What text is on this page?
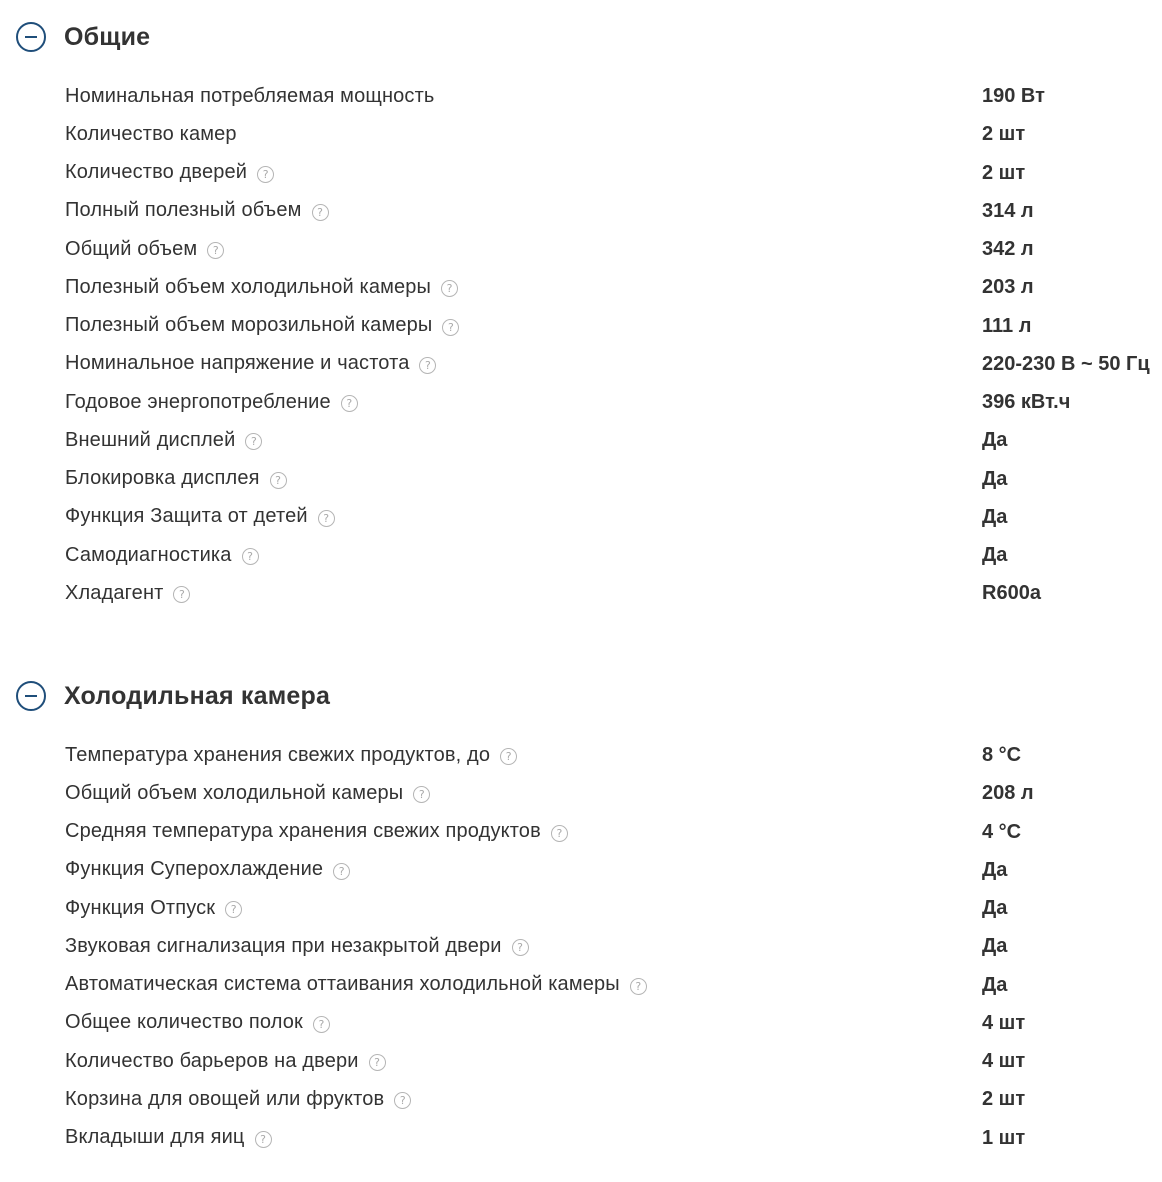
Общие
Номинальная потребляемая мощность	190 Вт
Количество камер	2 шт
Количество дверей	?	2 шт
Полный полезный объем	?	314 л
Общий объем	?	342 л
Полезный объем холодильной камеры	?	203 л
Полезный объем морозильной камеры	?	111 л
Номинальное напряжение и частота	?	220-230 В ~ 50 Гц
Годовое энергопотребление	?	396 кВт.ч
Внешний дисплей	?	Да
Блокировка дисплея	?	Да
Функция Защита от детей	?	Да
Самодиагностика	?	Да
Хладагент	?	R600a
Холодильная камера
Температура хранения свежих продуктов, до	?	8 °C
Общий объем холодильной камеры	?	208 л
Средняя температура хранения свежих продуктов	?	4 °C
Функция Суперохлаждение	?	Да
Функция Отпуск	?	Да
Звуковая сигнализация при незакрытой двери	?	Да
Автоматическая система оттаивания холодильной камеры	?	Да
Общее количество полок	?	4 шт
Количество барьеров на двери	?	4 шт
Корзина для овощей или фруктов	?	2 шт
Вкладыши для яиц	?	1 шт
